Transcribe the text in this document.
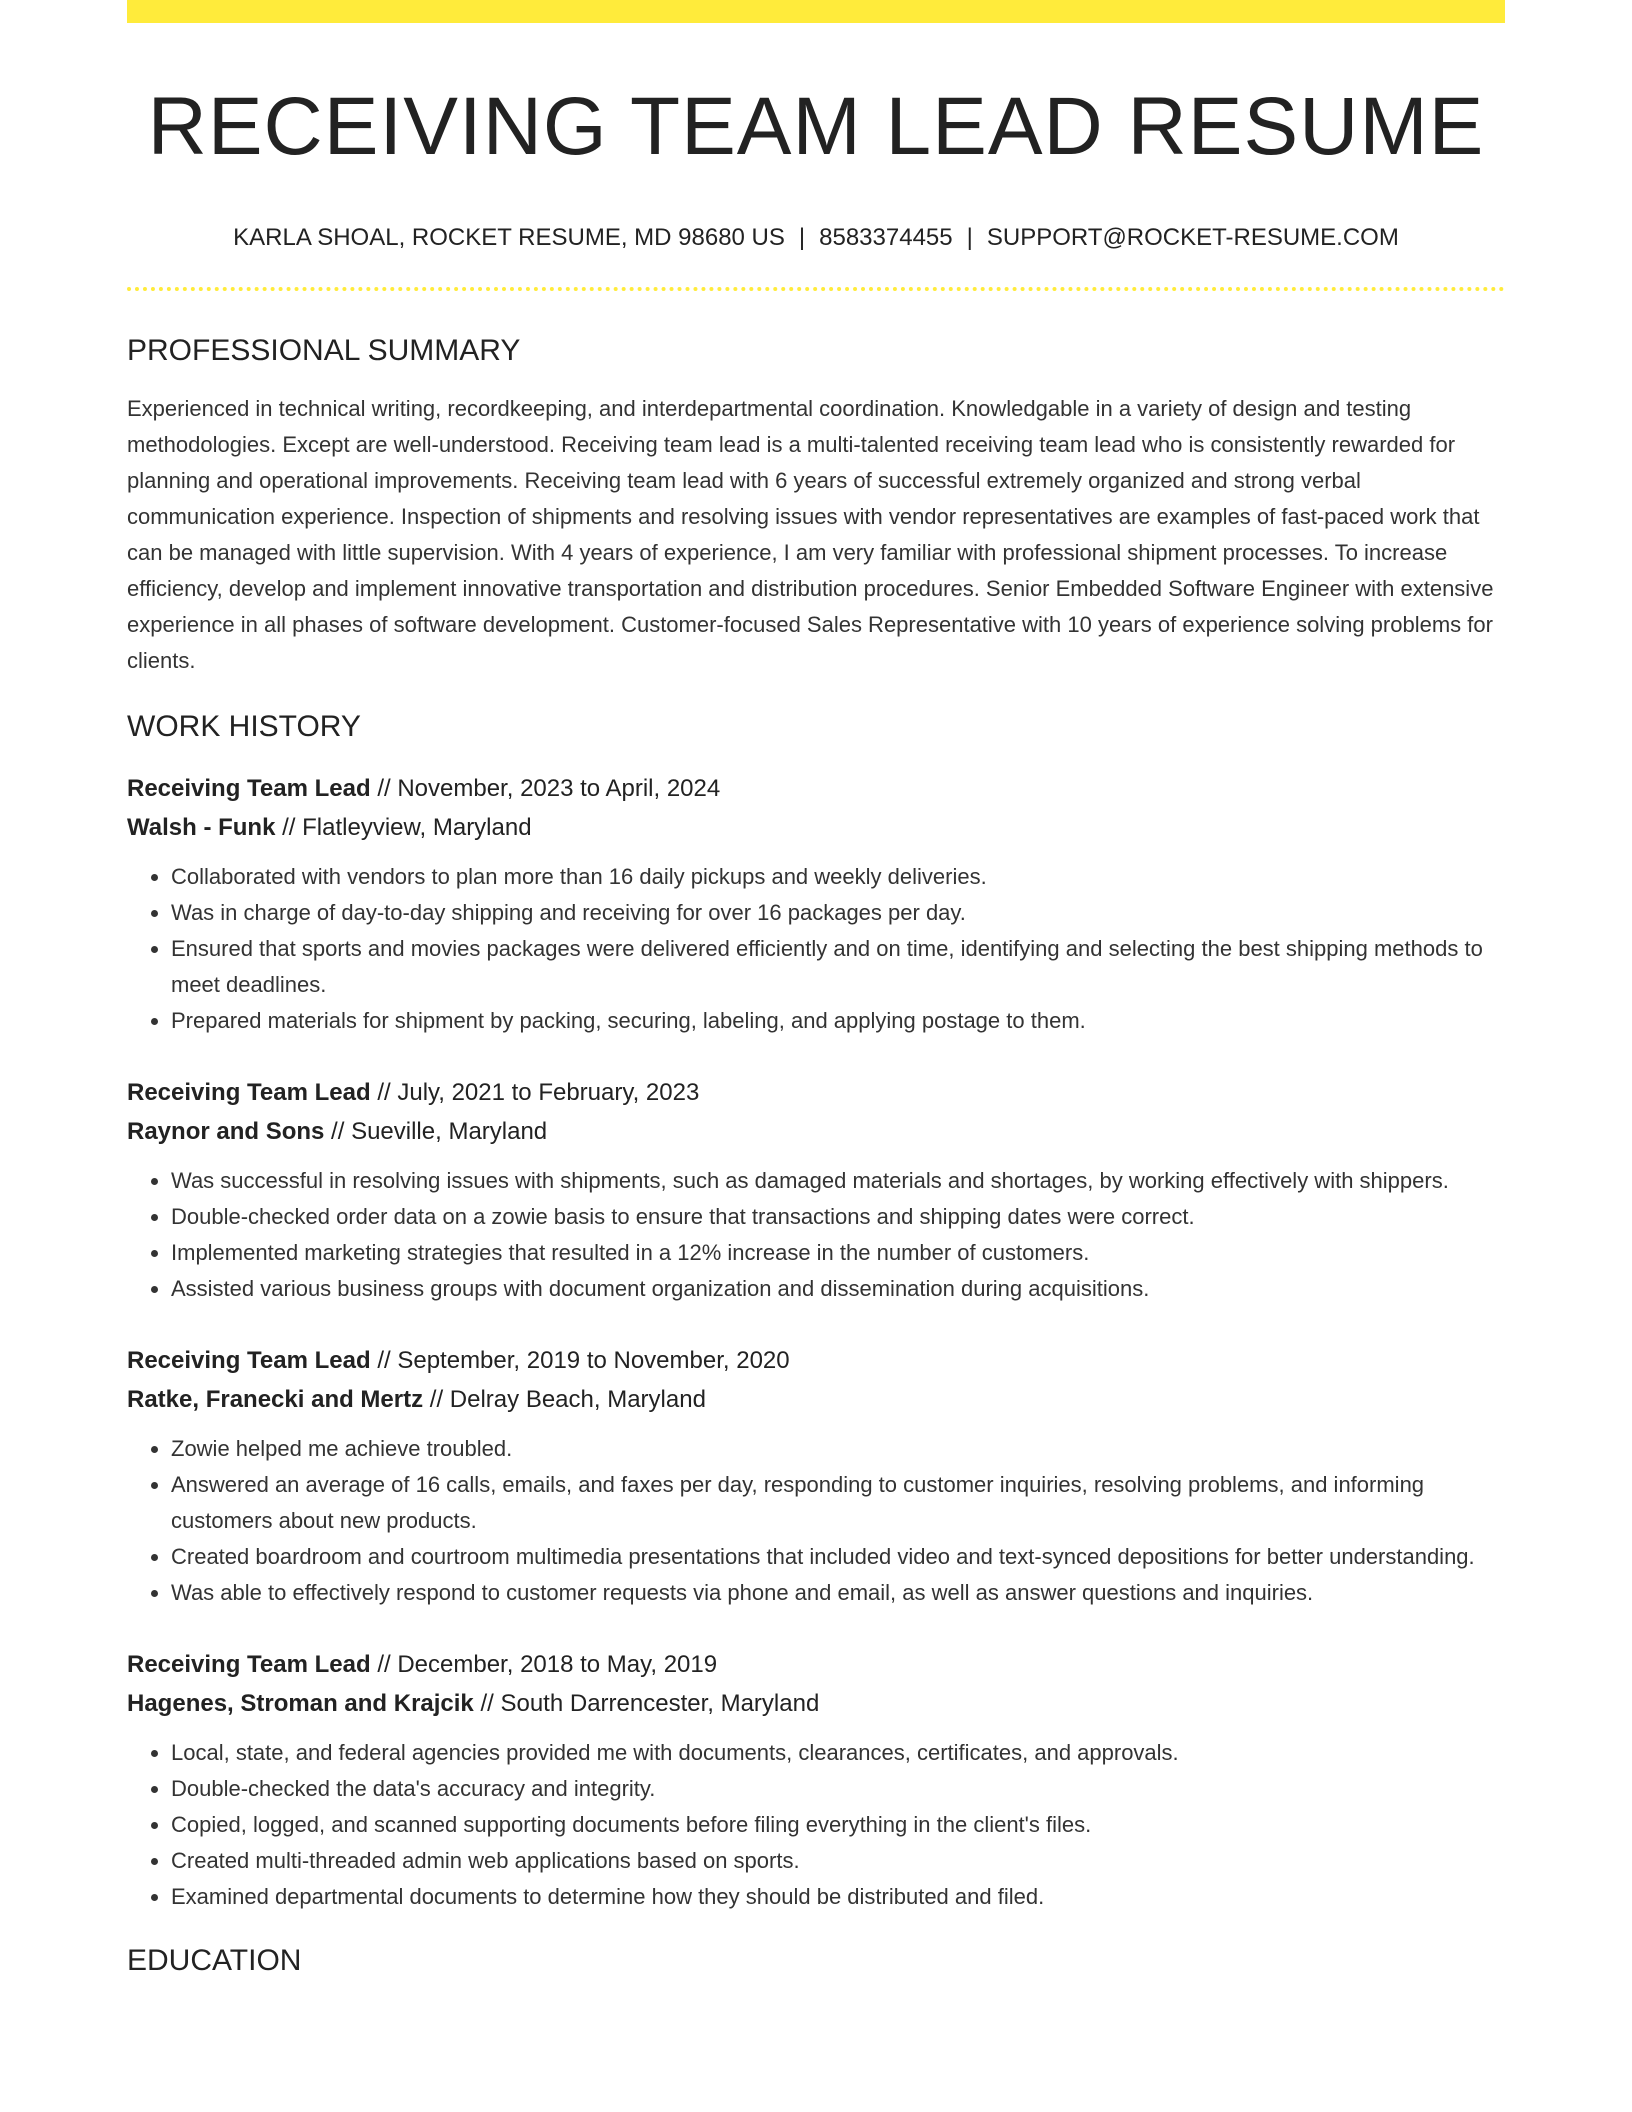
RECEIVING TEAM LEAD RESUME
KARLA SHOAL, ROCKET RESUME, MD 98680 US | 8583374455 | SUPPORT@ROCKET-RESUME.COM
PROFESSIONAL SUMMARY

Experienced in technical writing, recordkeeping, and interdepartmental coordination. Knowledgable in a variety of design and testing methodologies. Except are well-understood. Receiving team lead is a multi-talented receiving team lead who is consistently rewarded for planning and operational improvements. Receiving team lead with 6 years of successful extremely organized and strong verbal communication experience. Inspection of shipments and resolving issues with vendor representatives are examples of fast-paced work that can be managed with little supervision. With 4 years of experience, I am very familiar with professional shipment processes. To increase efficiency, develop and implement innovative transportation and distribution procedures. Senior Embedded Software Engineer with extensive experience in all phases of software development. Customer-focused Sales Representative with 10 years of experience solving problems for clients.

WORK HISTORY
Receiving Team Lead // November, 2023 to April, 2024
Walsh - Funk // Flatleyview, Maryland
• Collaborated with vendors to plan more than 16 daily pickups and weekly deliveries.
• Was in charge of day-to-day shipping and receiving for over 16 packages per day.
• Ensured that sports and movies packages were delivered efficiently and on time, identifying and selecting the best shipping methods to meet deadlines.
• Prepared materials for shipment by packing, securing, labeling, and applying postage to them.
Receiving Team Lead // July, 2021 to February, 2023
Raynor and Sons // Sueville, Maryland
• Was successful in resolving issues with shipments, such as damaged materials and shortages, by working effectively with shippers.
• Double-checked order data on a zowie basis to ensure that transactions and shipping dates were correct.
• Implemented marketing strategies that resulted in a 12% increase in the number of customers.
• Assisted various business groups with document organization and dissemination during acquisitions.
Receiving Team Lead // September, 2019 to November, 2020
Ratke, Franecki and Mertz // Delray Beach, Maryland
• Zowie helped me achieve troubled.
• Answered an average of 16 calls, emails, and faxes per day, responding to customer inquiries, resolving problems, and informing customers about new products.
• Created boardroom and courtroom multimedia presentations that included video and text-synced depositions for better understanding.
• Was able to effectively respond to customer requests via phone and email, as well as answer questions and inquiries.
Receiving Team Lead // December, 2018 to May, 2019
Hagenes, Stroman and Krajcik // South Darrencester, Maryland
• Local, state, and federal agencies provided me with documents, clearances, certificates, and approvals.
• Double-checked the data's accuracy and integrity.
• Copied, logged, and scanned supporting documents before filing everything in the client's files.
• Created multi-threaded admin web applications based on sports.
• Examined departmental documents to determine how they should be distributed and filed.
EDUCATION
